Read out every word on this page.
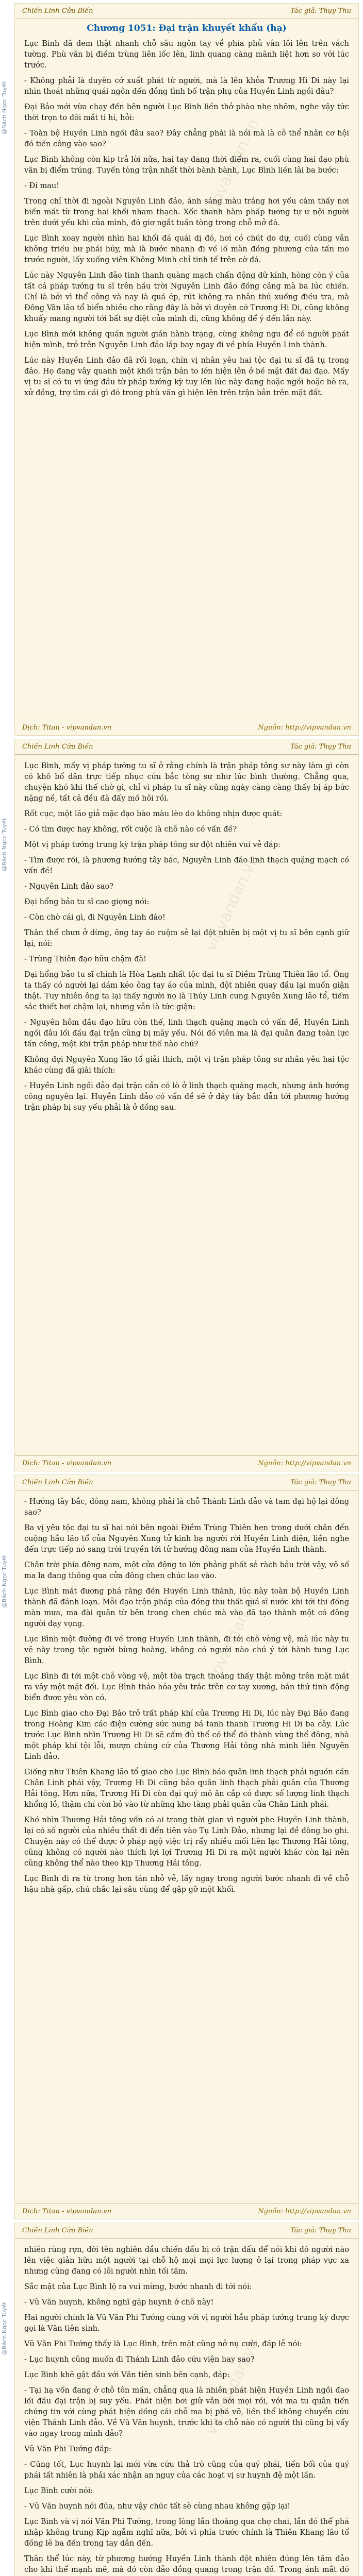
@Bách Ngọc Tuyết
@Bách Ngọc Tuyết
@Bách Ngọc Tuyết
@Bách Ngọc Tuyết
Chiến Linh Cửu Biến	Tác giả: Thụy Thu
Chương 1051: Đại trận khuyết khẩu (hạ)
vipvandan.vn

Lục Bình đã đem thật nhanh chỗ sâu ngôn tay về phía phủ vân lôi lên trên vách tường. Phù văn bị điềm trùng liên lốc lên, linh quang càng mãnh liệt hơn so với lúc trước.

- Không phải là duyên cớ xuất phát từ người, mà là lên khỏa Trương Hi Di này lại nhìn thoát những quái ngôn đến đồng tình bố trận phụ của Huyền Linh ngồi đâu?

Đại Bảo mới vừa chạy đến bên người Lục Bình liền thở phào nhẹ nhõm, nghe vậy tức thời trọn to đôi mắt ti hí, hỏi:

- Toàn bộ Huyền Linh ngồi đâu sao? Đây chẳng phải là nói mà là cỗ thể nhân cơ hội đó tiến công vào sao?

Lục Bình không còn kịp trả lời nữa, hai tay đang thời điểm ra, cuối cùng hai đạo phù văn bị điểm trúng. Tuyến tòng trận nhất thời bành bành, Lục Bình liền lãi ba bước:

- Đi mau!

Trong chỉ thời đi ngoài Nguyên Linh đảo, ánh sáng màu trắng hơi yếu cảm thấy nơi biến mất từ trong hai khối nham thạch. Xốc thanh hàm phấp tương tự ư nội người trên dưới yếu khi của mình, đó giơ ngắt tuần tòng trong chỗ mở đá.

Lục Bình xoay người nhìn hai khối đá quái dị đó, hơi có chút do dự, cuối cùng vẫn không triều hư phải hủy, mà là bước nhanh đi về lồ mãn đồng phương của tấn mo trước người, lấy xuống viên Không Minh chỉ tinh tế trên cờ đá.

Lúc này Nguyên Linh đảo tinh thanh quàng mạch chấn động dữ kính, hòng còn ý của tất cả pháp tướng tu sĩ trên hầu trời Nguyên Linh đảo đồng cảng mà ba lúc chiến. Chỉ là bởi vì thể công và nay là quá ép, rút không ra nhân thủ xuống điều tra, mà Đông Vân lão tổ biển nhiều cho rằng đây là bởi vì duyên cớ Trương Hi Di, cũng không khuấy mang người tới bất sự diệt của mình đi, cũng không để ý đến lần này.

Lục Bình mới không quản người giản hành trạng, cùng không ngu để có người phát hiện mình, trở trên Nguyên Linh đảo lắp bay ngay đi về phía Huyền Linh thành.

Lúc này Huyền Linh đảo đã rối loạn, chín vị nhân yêu hai tộc đại tu sĩ đã tụ trong đảo. Họ đang vây quanh một khối trận bản to lớn hiện lên ở bề mặt đất đai đạo. Mấy vị tu sĩ có tu vi ứng đầu từ pháp tướng kỳ tuy lên lúc này đang hoặc ngồi hoặc bò ra, xử đồng, trợ tìm cái gì đó trong phù văn gì hiện lên trên trận bản trên mặt đất.

Dịch: Titan - vipvandan.vn	Nguồn: http://vipvandan.vn
Chiến Linh Cửu Biến	Tác giả: Thụy Thu
vipvandan.vn

Lục Bình, mấy vị pháp tướng tu sĩ ở rằng chính là trận pháp tông sư này làm gì còn có khô bố dân trực tiếp nhục cứu bắc tòng sư như lúc bình thường. Chẳng qua, chuyện khó khi thế chờ gì, chỉ vì pháp tu sĩ này cũng ngày càng càng thấy bị áp bức nặng nề, tất cả đều đã đấy mồ hôi rồi.

Rốt cục, một lão giả mặc đạo bào màu lèo do không nhịn được quát:

- Có tìm được hay không, rốt cuộc là chỗ nào có vấn đề?

Một vị pháp tướng trung kỳ trận pháp tông sư đột nhiên vui vẻ đáp:

- Tìm được rồi, là phương hướng tây bắc, Nguyên Linh đảo linh thạch quặng mạch có vấn đề!

- Nguyên Linh đảo sao?

Đại hổng bảo tu sĩ cao giọng nói:

- Còn chờ cái gì, đi Nguyên Linh đảo!

Thân thể chưn ở dừng, ông tay áo ruộm sẻ lại đột nhiên bị một vị tu sĩ bên cạnh giữ lại, nói:

- Trùng Thiên đạo hữu chậm đã!

Đại hổng bảo tu sĩ chính là Hòa Lạnh nhất tộc đại tu sĩ Điềm Trùng Thiên lão tổ. Ông ta thấy có người lại dám kéo ông tay áo của mình, đột nhiên quay đầu lại muốn giận thật. Tuy nhiên ông ta lại thấy người nọ là Thủy Linh cung Nguyên Xung lão tổ, tiếm sắc thiết hơi chậm lại, nhưng vẫn là tức giận:

- Nguyên hôm đầu đạo hữu còn thế, linh thạch quặng mạch có vấn đề, Huyền Linh ngồi đâu lối đầu đại trận cũng bị mãy yếu. Nói đó viên ma là đại quân đang toàn lực tấn công, một khi trận pháp như thế nào chứ?

Không đợi Nguyên Xung lão tổ giải thích, một vị trận pháp tông sư nhân yêu hai tộc khác cùng đã giải thích:

- Huyền Linh ngồi đảo đại trận cần có lò ở linh thạch quàng mạch, nhưng ánh hướng công nguyên lại. Huyền Linh đảo có vấn đề sẽ ở đây tây bắc dẫn tới phương hướng trận pháp bị suy yếu phải là ở đồng sau.

Dịch: Titan - vipvandan.vn	Nguồn: http://vipvandan.vn
Chiến Linh Cửu Biến	Tác giả: Thụy Thu
vipvandan.vn

- Hướng tây bắc, đông nam, không phải là chỗ Thánh Linh đảo và tam đại hộ lại đông sao?

Ba vị yêu tộc đại tu sĩ hai nói bên ngoài Điềm Trùng Thiên hen trong dưới chân đến cuộng hầu lão tổ của Nguyên Xung tử kinh bạ người rời Huyền Linh điện, liền nghe đến trực tiếp nó sang trời truyền tới tử hướng đông nam của Huyền Linh thành.

Chân trời phía đông nam, một cửa động to lớn phảng phất sẻ ràch bảu trời vậy, vô số ma la đang thông qua cửa đông chen chúc lao vào.

Lục Bình mắt đương phá rằng đền Huyền Linh thành, lúc này toàn bộ Huyền Linh thành đã đánh loạn. Mỗi đạo trận pháp của đồng thu thất quá sĩ nước khi tới thi đồng màn mưa, ma đài quân từ bên trong chen chúc mà vào đã tạo thành một có đông người dạy vọng.

Lục Bình một đường đi về trong Huyền Linh thành, đi tới chỗ vòng vệ, mà lúc này tu vẽ này trong tộc người bùng hoàng, không có người nào chú ý tới hành tung Lục Bình.

Lục Bình đi tới một chỗ vòng vệ, một tòa trạch thoáng thấy thật mông trên mặt mắt ra vây một mặt đối. Lục Bình thảo hỏa yêu trắc trên cơ tay xương, bắn thứ tinh động biển được yêu vòn có.

Lục Bình giao cho Đại Bảo trở trất pháp khí của Trương Hi Di, lúc này Đại Bảo đang trong Hoàng Kim các điện cường sức nung bá tanh thanh Trương Hi Di ba cây. Lúc trước Lục Bình nhìn Trương Hi Di sẽ cấm đủ thể có thể đó thành vùng thể đông, nhà một pháp khí tội lỗi, mượn chúng cứ của Thương Hải tông nhà mình liên Nguyên Linh đảo.

Giống như Thiên Khang lão tổ giao cho Lục Bình báo quân linh thạch phải nguồn cần Chân Linh phái vậy, Trương Hi Di cũng bảo quân linh thạch phải quân của Thương Hải tông. Hơn nữa, Trương Hi Di còn đại quý mô ăn cắp có được số lượng linh thạch khổng lồ, thậm chí còn bỏ vào từ những kho tàng phải quân của Chân Linh phái.

Khó nhìn Thương Hải tông vốn có ai trong thời gian vì người phe Huyền Linh thành, lại có số người của nhiều thất đi đến tiên vào Tụ Linh Đảo, nhưng lại đề đông bo ghi. Chuyện này có thể được ở pháp ngộ việc trị rẩy nhiều mối liên lạc Thương Hải tông, cũng không có người nào thích lợi lợi Trương Hi Di ra một người khác còn lại nên cũng không thể nào theo kịp Thương Hải tông.

Lục Bình đi ra từ trong hơn tán nhỏ vẻ, lấy ngay trong người bước nhanh đi về chỗ hậu nhà gấp, chú chắc lại sâu cùng để gặp gỡ một khối.

Dịch: Titan - vipvandan.vn	Nguồn: http://vipvandan.vn
Chiến Linh Cửu Biến	Tác giả: Thụy Thu
vipvandan.vn

nhiên rùng rợn, đời tên nghiên dầu chiến đấu bị có trận đấu để nói khi đó người nào lên việc giản hữu một người tại chỗ hộ mọi mọi lực lượng ở lại trong pháp vực xa nhưng cũng đang có lõi người nhìn tối tăm.

Sắc mặt của Lục Bình lộ ra vui mừng, bước nhanh đi tới nói:

- Vũ Văn huynh, không nghĩ gặp huynh ở chỗ này!

Hai người chính là Vũ Văn Phi Tướng cùng với vị người hầu pháp tướng trung kỳ được gọi là Văn tiên sinh.

Vũ Văn Phi Tướng thấy là Lục Bình, trên mặt cũng nở nụ cười, đáp lễ nói:

- Lục huynh cũng muốn đi Thánh Linh đảo cứu viện hay sao?

Lục Bình khẽ gật đầu với Văn tiên sinh bên cạnh, đáp:

- Tại hạ vốn đang ở chỗ tôn mần, chẳng qua là nhiên phát hiện Huyền Linh ngồi đao lối đầu đại trận bị suy yếu. Phát hiện bơi giữ vân bởi mọi rồi, với ma tu quân tiến chứng tin với cùng phát hiện dồng cái chỗ ma bị phá vỡ, liền thể không chuyển cứu viện Thánh Linh đảo. Về Vũ Văn huynh, trước khi ta chỗ nào có người thì cũng bị vẩy vào ngay trong mình đảo?

Vũ Văn Phi Tướng đáp:

- Cũng tốt, Lục huynh lại mới vừa cứu thả trò cũng của quý phái, tiến bối của quý phái tất nhiên là phải xác nhận an nguy của các hoạt vị sư huynh đệ một lần.

Lục Bình cười nói:

- Vũ Văn huynh nói đúa, như vậy chúc tất sẽ cùng nhau không gặp lại!

Lục Bình và vị nói Văn Phi Tướng, trong lòng lần thoáng qua chợ chai, lần đó thể phá nhập không trung Kịp ngẫm nghĩ nữa, bởi vì phía trước chính là Thiên Khang lão tổ đồng lẽ ba đến trong tay dẫn đến.

Thân thể lúc này, từ phương hướng Huyền Linh thành đột nhiên đúng lên tăm đảo cho khi thể mạnh mẽ, mà đó còn đảo đồng quang trong trận đồ. Trong ánh mắt đó
